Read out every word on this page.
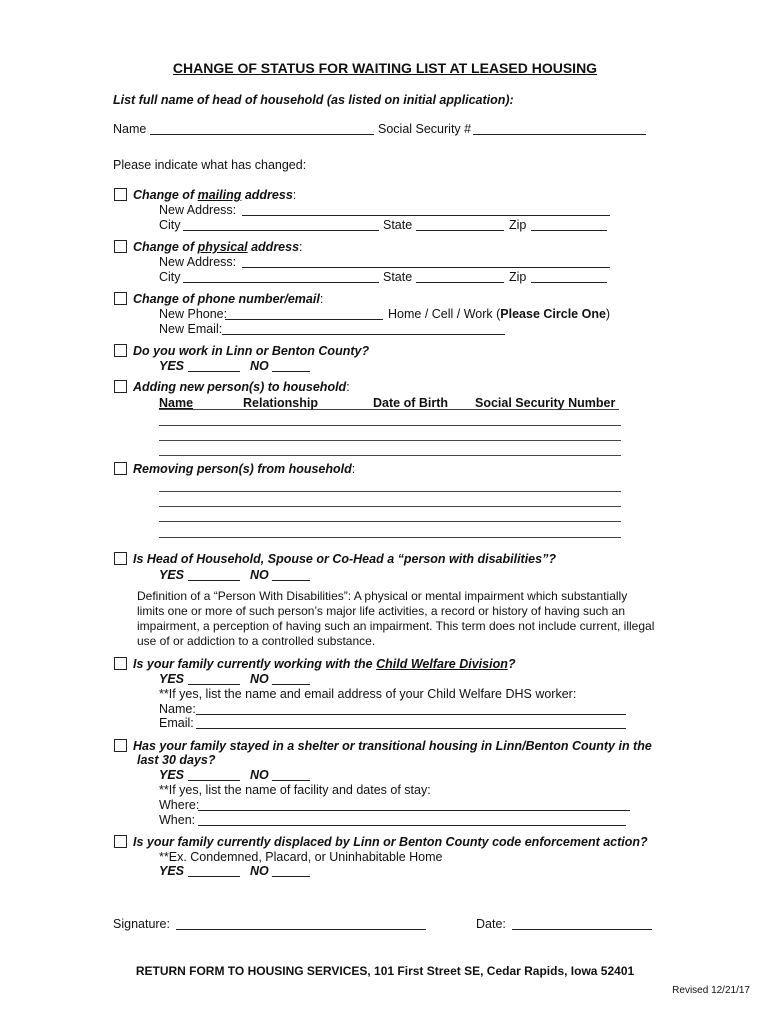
CHANGE OF STATUS FOR WAITING LIST AT LEASED HOUSING
List full name of head of household (as listed on initial application):
Name	Social Security #
Please indicate what has changed:
Change of mailing address:
New Address:
City	State	Zip
Change of physical address:
New Address:
City	State	Zip
Change of phone number/email:
New Phone:	Home / Cell / Work (Please Circle One)
New Email:
Do you work in Linn or Benton County?
YES	NO
Adding new person(s) to household:
Name	Relationship	Date of Birth Social Security Number
Removing person(s) from household:
Is Head of Household, Spouse or Co-Head a “person with disabilities”?
YES	NO
Definition of a “Person With Disabilities”: A physical or mental impairment which substantially limits one or more of such person’s major life activities, a record or history of having such an impairment, a perception of having such an impairment. This term does not include current, illegal use of or addiction to a controlled substance.
Is your family currently working with the Child Welfare Division?
YES	NO
**If yes, list the name and email address of your Child Welfare DHS worker:
Name:
Email:
Has your family stayed in a shelter or transitional housing in Linn/Benton County in the
last 30 days?
YES	NO
**If yes, list the name of facility and dates of stay:
Where:
When:
Is your family currently displaced by Linn or Benton County code enforcement action?
**Ex. Condemned, Placard, or Uninhabitable Home
YES	NO
Signature:	Date:
RETURN FORM TO HOUSING SERVICES, 101 First Street SE, Cedar Rapids, Iowa 52401
Revised 12/21/17
